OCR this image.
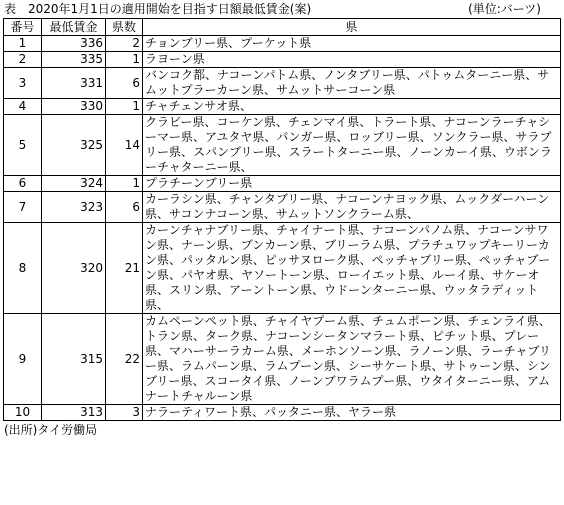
表　2020年1月1日の適用開始を目指す日額最低賃金(案)	(単位:バーツ)
番号	最低賃金	県数	県
1	336	2	チョンブリー県、プーケット県
2	335	1	ラヨーン県
3	331	6	バンコク都、ナコーンパトム県、ノンタブリー県、パトゥムターニー県、サムットプラーカーン県、サムットサーコーン県
4	330	1	チャチェンサオ県、
5	325	14	クラビー県、コーケン県、チェンマイ県、トラート県、ナコーンラーチャシーマー県、アユタヤ県、パンガー県、ロッブリー県、ソンクラー県、サラブリー県、スパンブリー県、スラートターニー県、ノーンカーイ県、ウボンラーチャターニー県、
6	324	1	プラチーンブリー県
7	323	6	カーラシン県、チャンタブリー県、ナコーンナヨック県、ムックダーハーン県、サコンナコーン県、サムットソンクラーム県、
8	320	21	カーンチャナブリー県、チャイナート県、ナコーンパノム県、ナコーンサワン県、ナーン県、ブンカーン県、ブリーラム県、プラチュワップキーリーカン県、パッタルン県、ピッサヌローク県、ペッチャブリー県、ペッチャブーン県、パヤオ県、ヤソートーン県、ローイエット県、ルーイ県、サケーオ県、スリン県、アーントーン県、ウドーンターニー県、ウッタラディット県、
9	315	22	カムペーンペット県、チャイヤプーム県、チュムポーン県、チェンライ県、トラン県、ターク県、ナコーンシータンマラート県、ピチット県、プレー県、マハーサーラカーム県、メーホンソーン県、ラノーン県、ラーチャブリー県、ラムパーン県、ラムプーン県、シーサケート県、サトゥーン県、シンブリー県、スコータイ県、ノーンブワラムプー県、ウタイターニー県、アムナートチャルーン県
10	313	3	ナラーティワート県、パッタニー県、ヤラー県
(出所)タイ労働局
